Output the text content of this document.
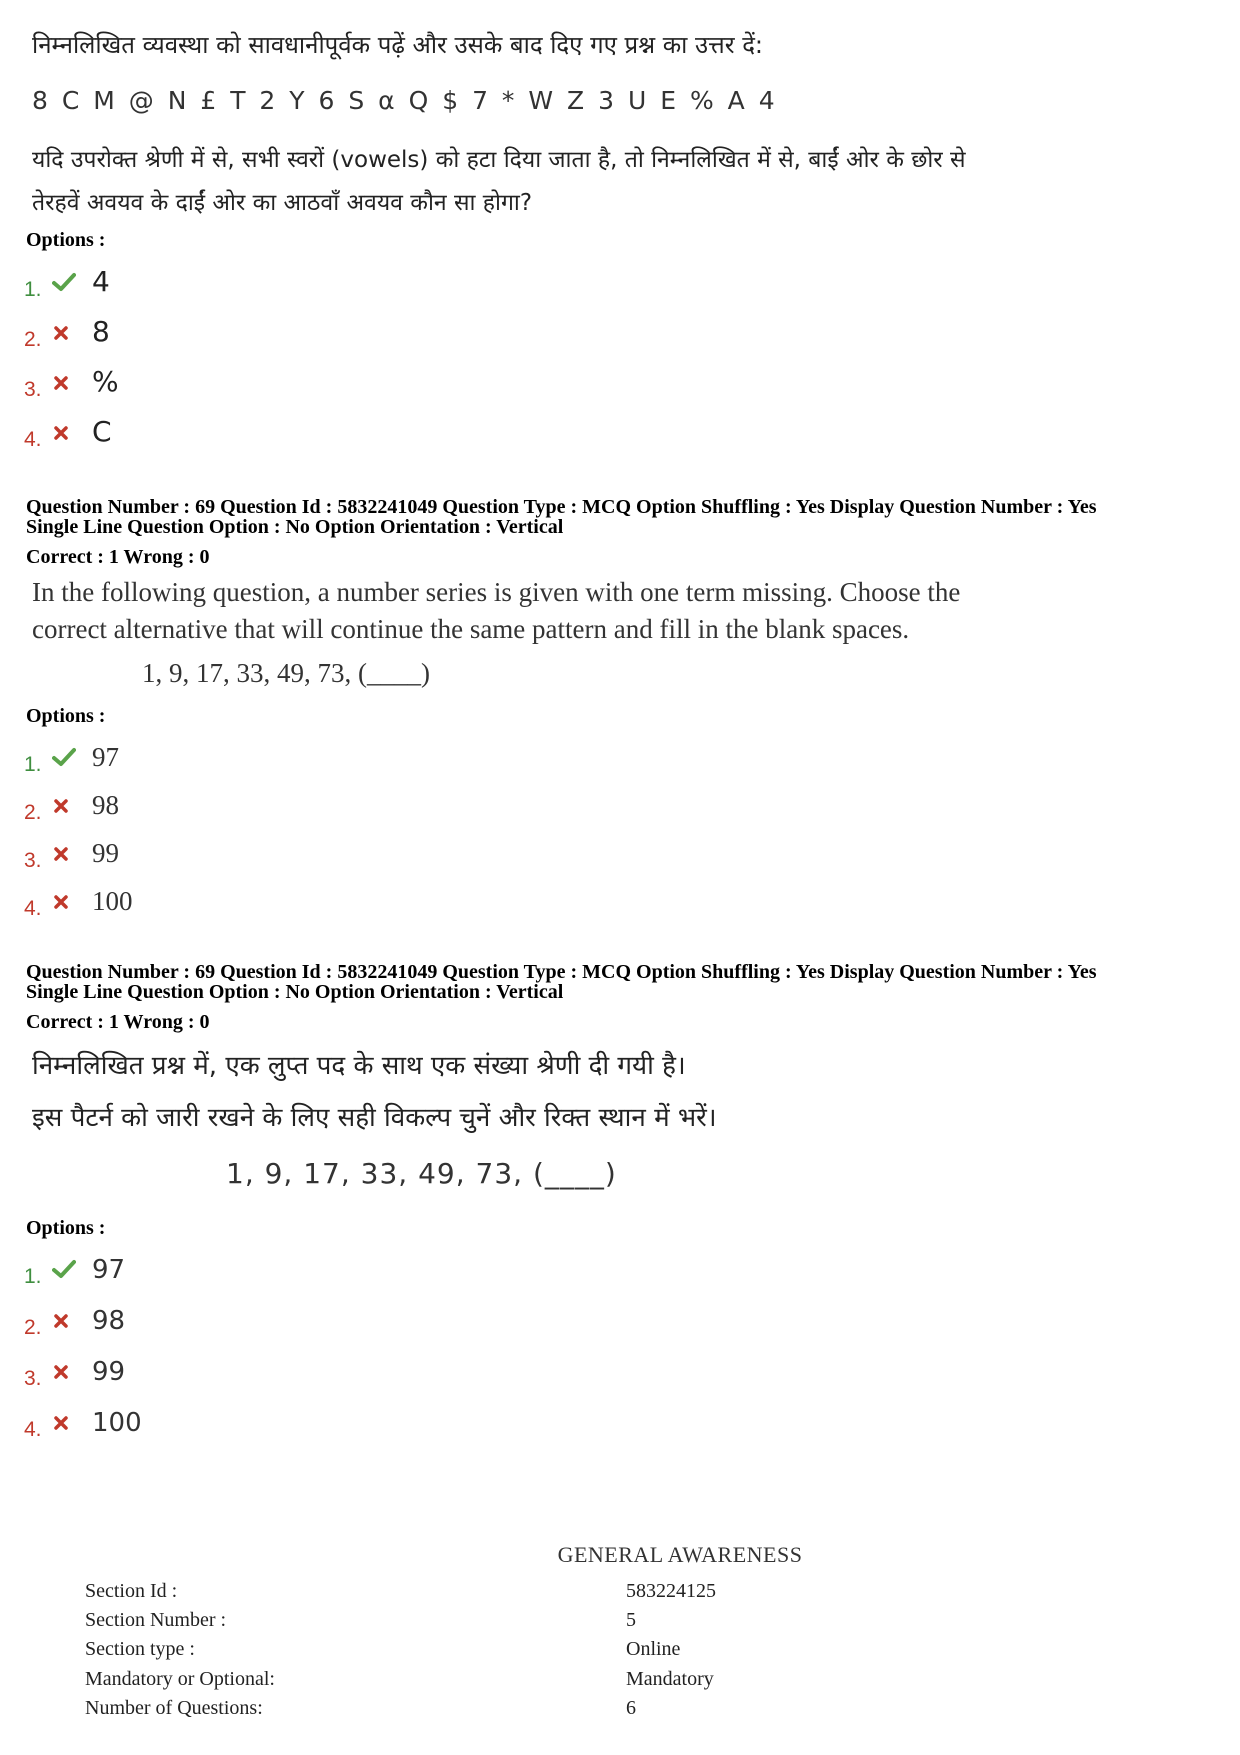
निम्नलिखित व्यवस्था को सावधानीपूर्वक पढ़ें और उसके बाद दिए गए प्रश्न का उत्तर दें:
8 C M @ N £ T 2 Y 6 S α Q $ 7 * W Z 3 U E % A 4
यदि उपरोक्त श्रेणी में से, सभी स्वरों (vowels) को हटा दिया जाता है, तो निम्नलिखित में से, बाईं ओर के छोर से
तेरहवें अवयव के दाईं ओर का आठवाँ अवयव कौन सा होगा?
Options :
1.	4
2.	8
3.	%
4.	C
Question Number : 69 Question Id : 5832241049 Question Type : MCQ Option Shuffling : Yes Display Question Number : Yes
Single Line Question Option : No Option Orientation : Vertical
Correct : 1 Wrong : 0
In the following question, a number series is given with one term missing. Choose the
correct alternative that will continue the same pattern and fill in the blank spaces.
1, 9, 17, 33, 49, 73, (____)
Options :
1.	97
2.	98
3.	99
4.	100
Question Number : 69 Question Id : 5832241049 Question Type : MCQ Option Shuffling : Yes Display Question Number : Yes
Single Line Question Option : No Option Orientation : Vertical
Correct : 1 Wrong : 0
निम्नलिखित प्रश्न में, एक लुप्त पद के साथ एक संख्या श्रेणी दी गयी है।
इस पैटर्न को जारी रखने के लिए सही विकल्प चुनें और रिक्त स्थान में भरें।
1, 9, 17, 33, 49, 73, (____)
Options :
1.	97
2.	98
3.	99
4.	100
GENERAL AWARENESS
Section Id :	583224125
Section Number :	5
Section type :	Online
Mandatory or Optional:	Mandatory
Number of Questions:	6
